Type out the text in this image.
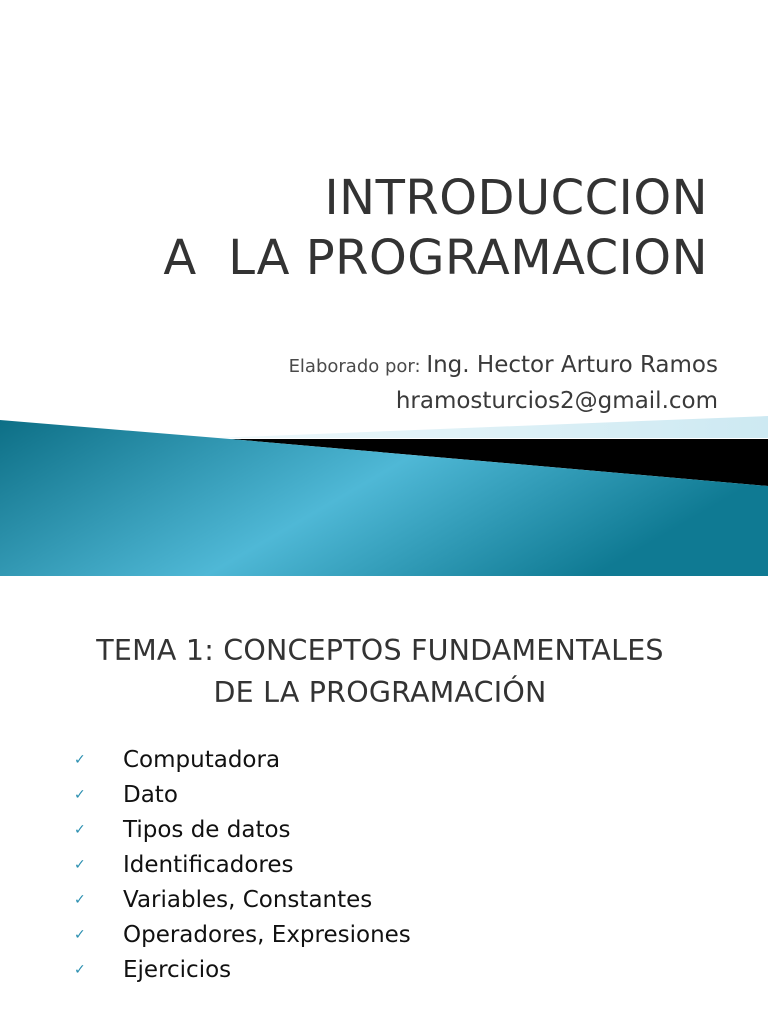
INTRODUCCION
A  LA PROGRAMACION
Elaborado por: Ing. Hector Arturo Ramos
hramosturcios2@gmail.com
TEMA 1: CONCEPTOS FUNDAMENTALES
DE LA PROGRAMACIÓN
✓	Computadora
✓	Dato
✓	Tipos de datos
✓	Identificadores
✓	Variables, Constantes
✓	Operadores, Expresiones
✓	Ejercicios
